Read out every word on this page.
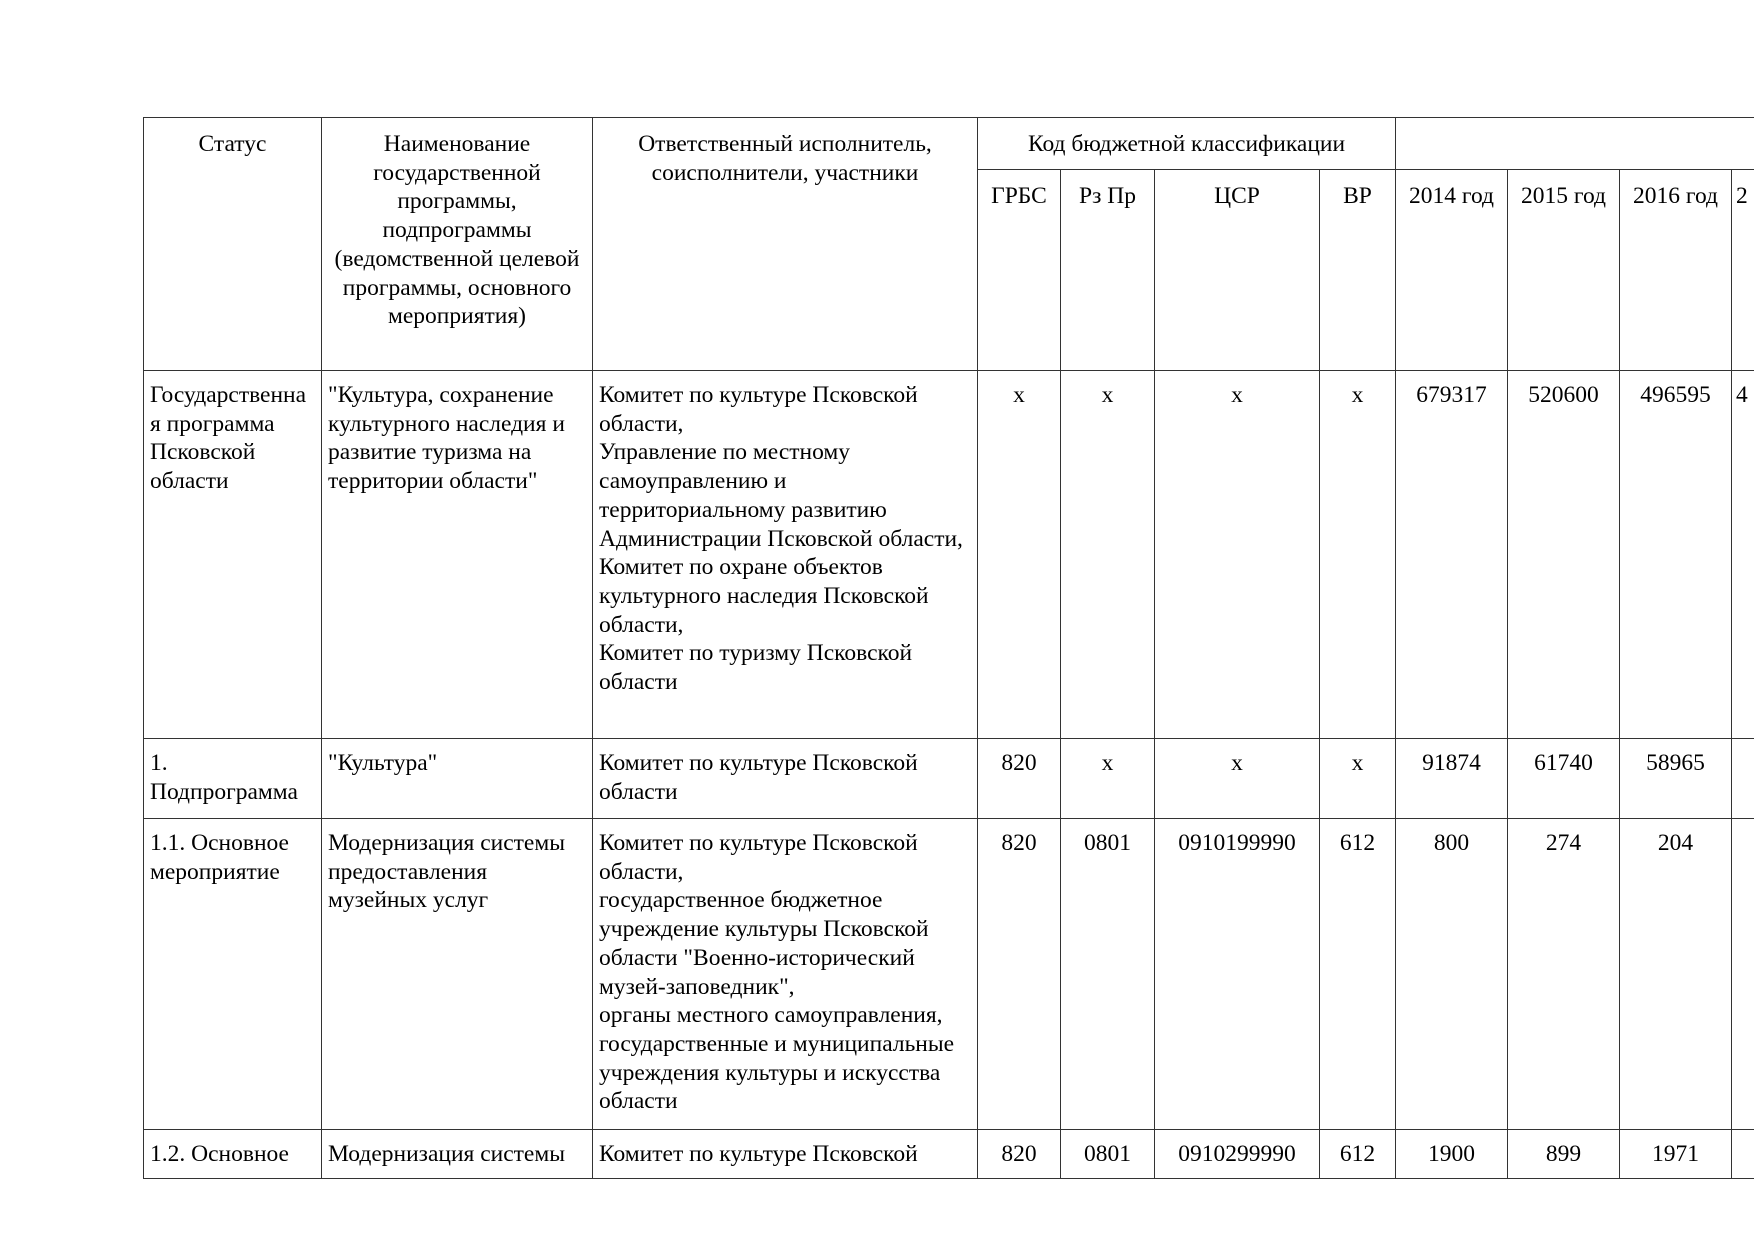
Статус	Наименование государственной программы, подпрограммы (ведомственной целевой программы, основного мероприятия)	Ответственный исполнитель, соисполнители, участники	Код бюджетной классификации							
			ГРБС	Рз Пр	ЦСР	ВР	2014 год	2015 год	2016 год	2
Государственная программа Псковской области	"Культура, сохранение культурного наследия и развитие туризма на территории области"	Комитет по культуре Псковской области,
Управление по местному самоуправлению и территориальному развитию Администрации Псковской области,
Комитет по охране объектов культурного наследия Псковской области,
Комитет по туризму Псковской области	х	х	х	х	679317	520600	496595	4
1. Подпрограмма	"Культура"	Комитет по культуре Псковской области	820	х	х	х	91874	61740	58965	
1.1. Основное мероприятие	Модернизация системы предоставления музейных услуг	Комитет по культуре Псковской области,
государственное бюджетное учреждение культуры Псковской области "Военно-исторический музей-заповедник",
органы местного самоуправления, государственные и муниципальные учреждения культуры и искусства области	820	0801	0910199990	612	800	274	204	
1.2. Основное	Модернизация системы	Комитет по культуре Псковской	820	0801	0910299990	612	1900	899	1971	
